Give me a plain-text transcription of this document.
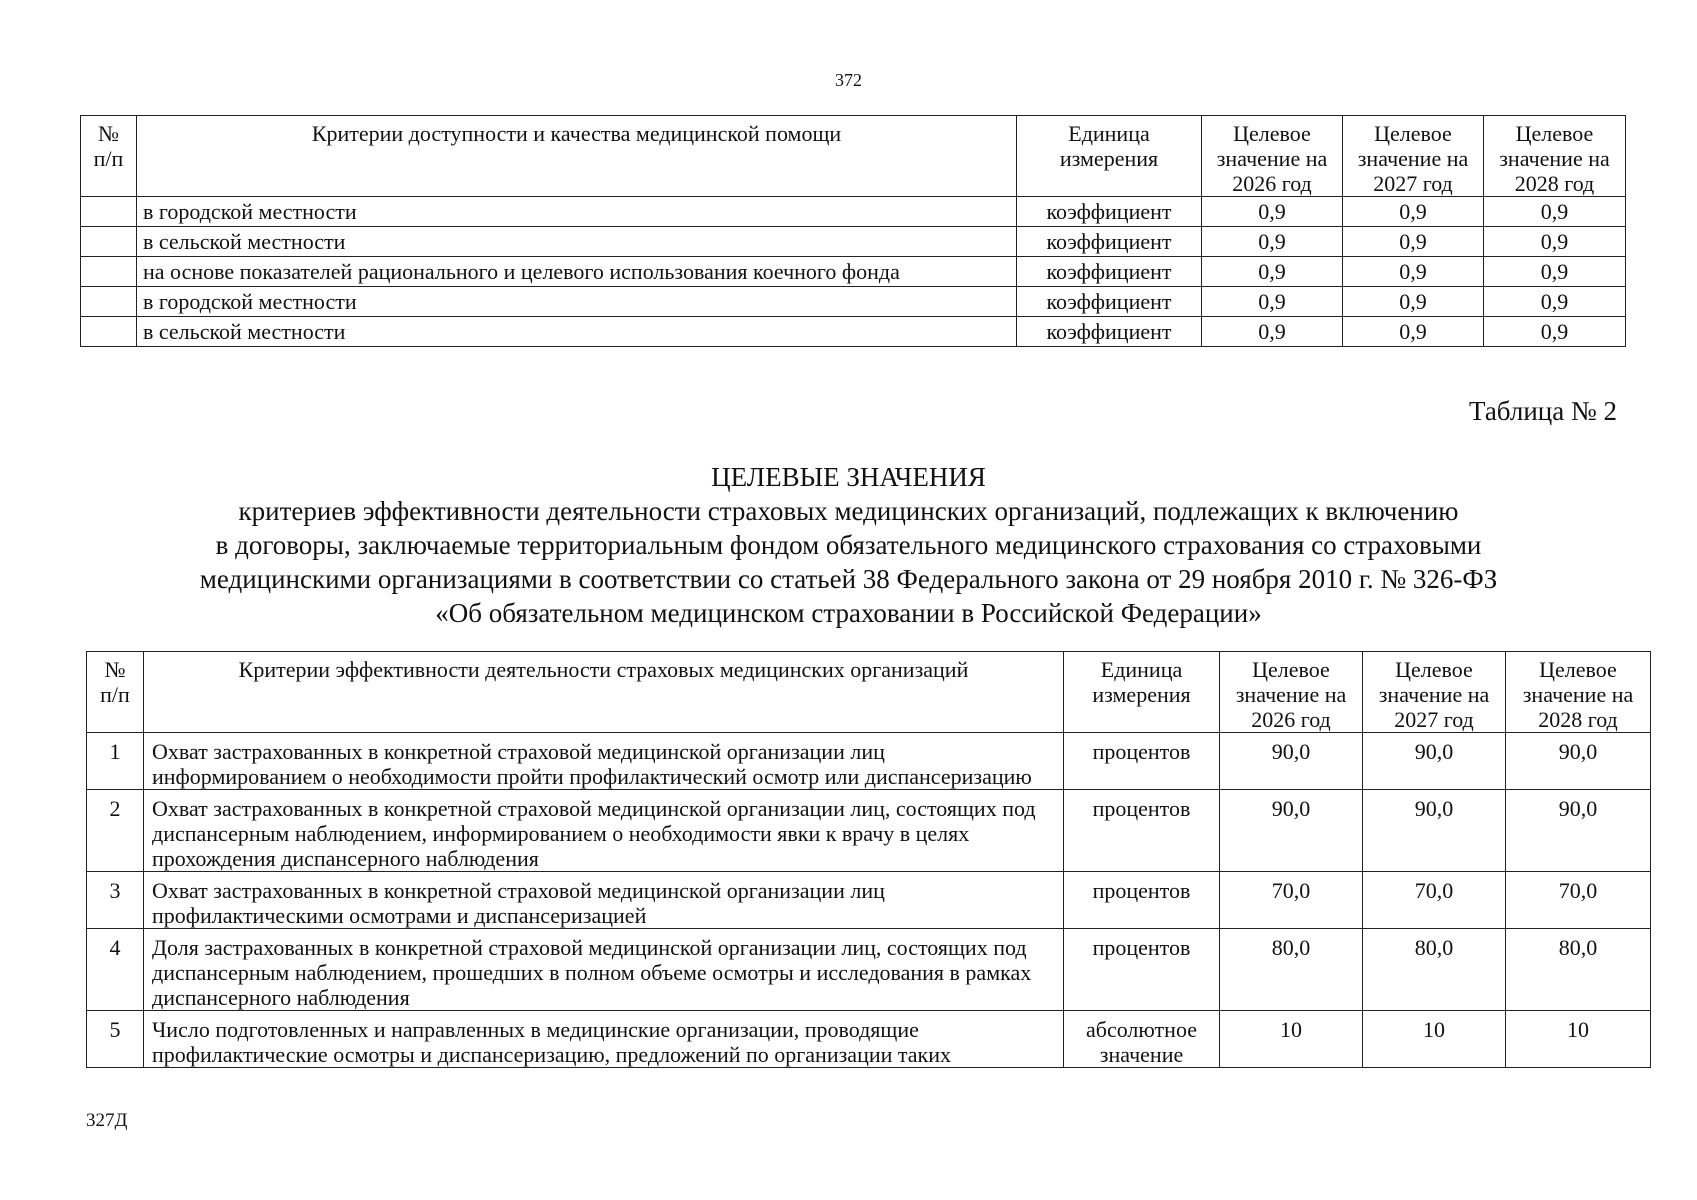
372
№
п/п	Критерии доступности и качества медицинской помощи	Единица измерения	Целевое значение на 2026 год	Целевое значение на 2027 год	Целевое значение на 2028 год
	в городской местности	коэффициент	0,9	0,9	0,9
	в сельской местности	коэффициент	0,9	0,9	0,9
	на основе показателей рационального и целевого использования коечного фонда	коэффициент	0,9	0,9	0,9
	в городской местности	коэффициент	0,9	0,9	0,9
	в сельской местности	коэффициент	0,9	0,9	0,9
Таблица № 2
ЦЕЛЕВЫЕ ЗНАЧЕНИЯ
критериев эффективности деятельности страховых медицинских организаций, подлежащих к включению
в договоры, заключаемые территориальным фондом обязательного медицинского страхования со страховыми
медицинскими организациями в соответствии со статьей 38 Федерального закона от 29 ноября 2010 г. № 326-ФЗ
«Об обязательном медицинском страховании в Российской Федерации»
№
п/п	Критерии эффективности деятельности страховых медицинских организаций	Единица измерения	Целевое значение на 2026 год	Целевое значение на 2027 год	Целевое значение на 2028 год
1	Охват застрахованных в конкретной страховой медицинской организации лиц информированием о необходимости пройти профилактический осмотр или диспансеризацию	процентов	90,0	90,0	90,0
2	Охват застрахованных в конкретной страховой медицинской организации лиц, состоящих под диспансерным наблюдением, информированием о необходимости явки к врачу в целях прохождения диспансерного наблюдения	процентов	90,0	90,0	90,0
3	Охват застрахованных в конкретной страховой медицинской организации лиц профилактическими осмотрами и диспансеризацией	процентов	70,0	70,0	70,0
4	Доля застрахованных в конкретной страховой медицинской организации лиц, состоящих под диспансерным наблюдением, прошедших в полном объеме осмотры и исследования в рамках диспансерного наблюдения	процентов	80,0	80,0	80,0
5	Число подготовленных и направленных в медицинские организации, проводящие профилактические осмотры и диспансеризацию, предложений по организации таких	абсолютное значение	10	10	10
327Д
